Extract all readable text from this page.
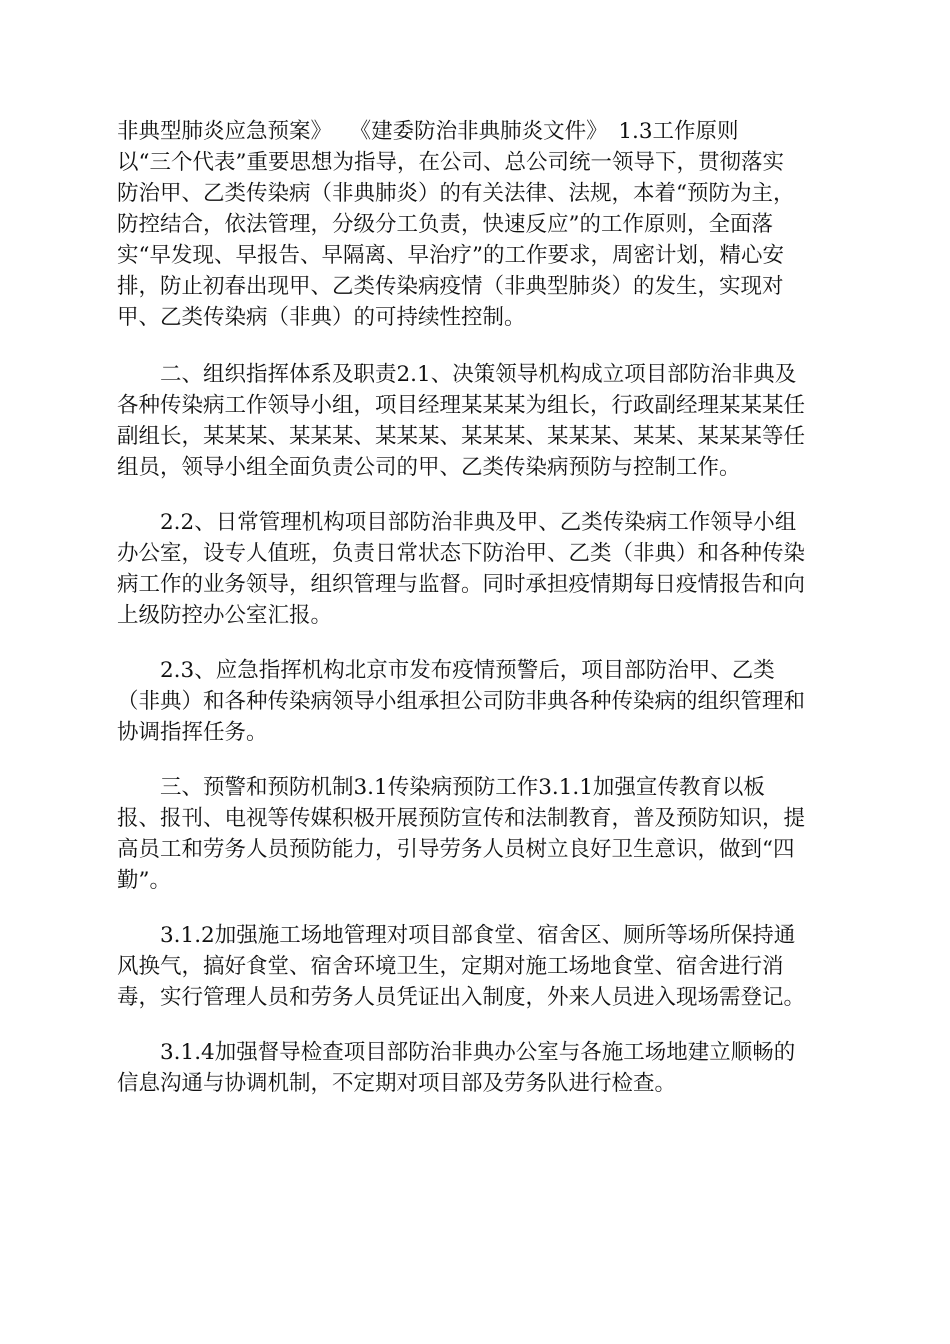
非典型肺炎应急预案》　 《建委防治非典肺炎文件》　1.3工作原则
以“三个代表”重要思想为指导，在公司、总公司统一领导下，贯彻落实
防治甲、乙类传染病（非典肺炎）的有关法律、法规，本着“预防为主，
防控结合，依法管理，分级分工负责，快速反应”的工作原则，全面落
实“早发现、早报告、早隔离、早治疗”的工作要求，周密计划，精心安
排，防止初春出现甲、乙类传染病疫情（非典型肺炎）的发生，实现对
甲、乙类传染病（非典）的可持续性控制。
　　二、组织指挥体系及职责2.1、决策领导机构成立项目部防治非典及
各种传染病工作领导小组，项目经理某某某为组长，行政副经理某某某任
副组长，某某某、某某某、某某某、某某某、某某某、某某、某某某等任
组员，领导小组全面负责公司的甲、乙类传染病预防与控制工作。
　　2.2、日常管理机构项目部防治非典及甲、乙类传染病工作领导小组
办公室，设专人值班，负责日常状态下防治甲、乙类（非典）和各种传染
病工作的业务领导，组织管理与监督。同时承担疫情期每日疫情报告和向
上级防控办公室汇报。
　　2.3、应急指挥机构北京市发布疫情预警后，项目部防治甲、乙类
（非典）和各种传染病领导小组承担公司防非典各种传染病的组织管理和
协调指挥任务。
　　三、预警和预防机制3.1传染病预防工作3.1.1加强宣传教育以板
报、报刊、电视等传媒积极开展预防宣传和法制教育，普及预防知识，提
高员工和劳务人员预防能力，引导劳务人员树立良好卫生意识，做到“四
勤”。
　　3.1.2加强施工场地管理对项目部食堂、宿舍区、厕所等场所保持通
风换气，搞好食堂、宿舍环境卫生，定期对施工场地食堂、宿舍进行消
毒，实行管理人员和劳务人员凭证出入制度，外来人员进入现场需登记。
　　3.1.4加强督导检查项目部防治非典办公室与各施工场地建立顺畅的
信息沟通与协调机制，不定期对项目部及劳务队进行检查。
